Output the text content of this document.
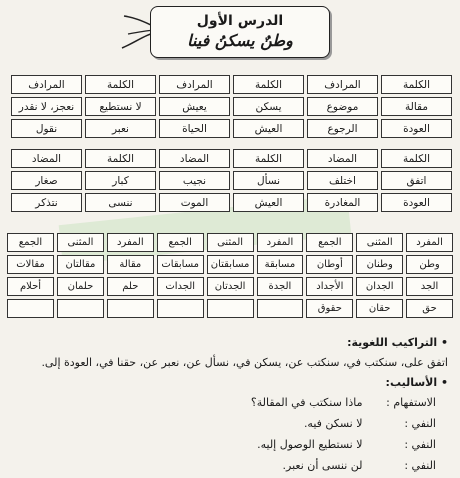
الدرس الأول
وطنٌ يسكنُ فينا
الكلمة	المرادف	الكلمة	المرادف	الكلمة	المرادف
مقالة	موضوع	يسكن	يعيش	لا نستطيع	نعجز، لا نقدر
العودة	الرجوع	العيش	الحياة	نعبر	نقول
الكلمة	المضاد	الكلمة	المضاد	الكلمة	المضاد
اتفق	اختلف	نسأل	نجيب	كبار	صغار
العودة	المغادرة	العيش	الموت	ننسى	نتذكر
المفرد	المثنى	الجمع	المفرد	المثنى	الجمع	المفرد	المثنى	الجمع
وطن	وطنان	أوطان	مسابقة	مسابقتان	مسابقات	مقالة	مقالتان	مقالات
الجد	الجدان	الأجداد	الجدة	الجدتان	الجدات	حلم	حلمان	أحلام
حق	حقان	حقوق						
• التراكيب اللغوية:
اتفق على، سنكتب في، سنكتب عن، يسكن في، نسأل عن، نعبر عن، حقنا في، العودة إلى.
• الأساليب:
الاستفهام : ماذا سنكتب في المقالة؟
النفي : لا نسكن فيه.
النفي : لا نستطيع الوصول إليه.
النفي : لن ننسى أن نعبر.
